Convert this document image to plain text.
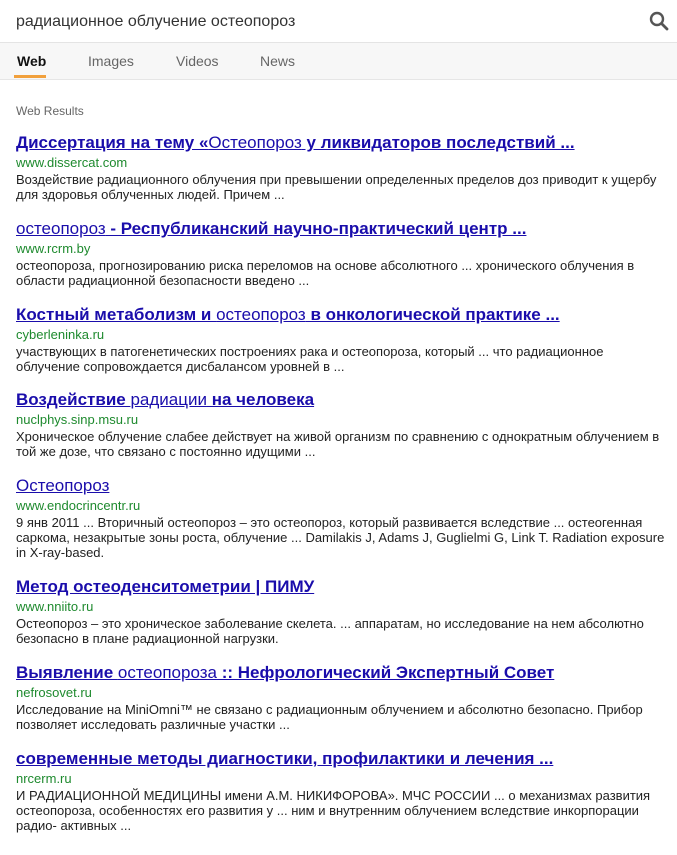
радиационное облучение остеопороз
Web	Images	Videos	News
Web Results
Диссертация на тему «Остеопороз у ликвидаторов последствий ...
www.dissercat.com
Воздействие радиационного облучения при превышении определенных пределов доз приводит к ущербу для здоровья облученных людей. Причем ...
остеопороз - Республиканский научно-практический центр ...
www.rcrm.by
остеопороза, прогнозированию риска переломов на основе абсолютного ... хронического облучения в области радиационной безопасности введено ...
Костный метаболизм и остеопороз в онкологической практике ...
cyberleninka.ru
участвующих в патогенетических построениях рака и остеопороза, который ... что радиационное облучение сопровождается дисбалансом уровней в ...
Воздействие радиации на человека
nuclphys.sinp.msu.ru
Хроническое облучение слабее действует на живой организм по сравнению с однократным облучением в той же дозе, что связано с постоянно идущими ...
Остеопороз
www.endocrincentr.ru
9 янв 2011 ... Вторичный остеопороз – это остеопороз, который развивается вследствие ... остеогенная саркома, незакрытые зоны роста, облучение ... Damilakis J, Adams J, Guglielmi G, Link T. Radiation exposure in X-ray-based.
Метод остеоденситометрии | ПИМУ
www.nniito.ru
Остеопороз – это хроническое заболевание скелета. ... аппаратам, но исследование на нем абсолютно безопасно в плане радиационной нагрузки.
Выявление остеопороза :: Нефрологический Экспертный Совет
nefrosovet.ru
Исследование на MiniOmni™ не связано с радиационным облучением и абсолютно безопасно. Прибор позволяет исследовать различные участки ...
современные методы диагностики, профилактики и лечения ...
nrcerm.ru
И РАДИАЦИОННОЙ МЕДИЦИНЫ имени А.М. НИКИФОРОВА». МЧС РОССИИ ... о механизмах развития остеопороза, особенностях его развития у ... ним и внутренним облучением вследствие инкорпорации радио- активных ...
